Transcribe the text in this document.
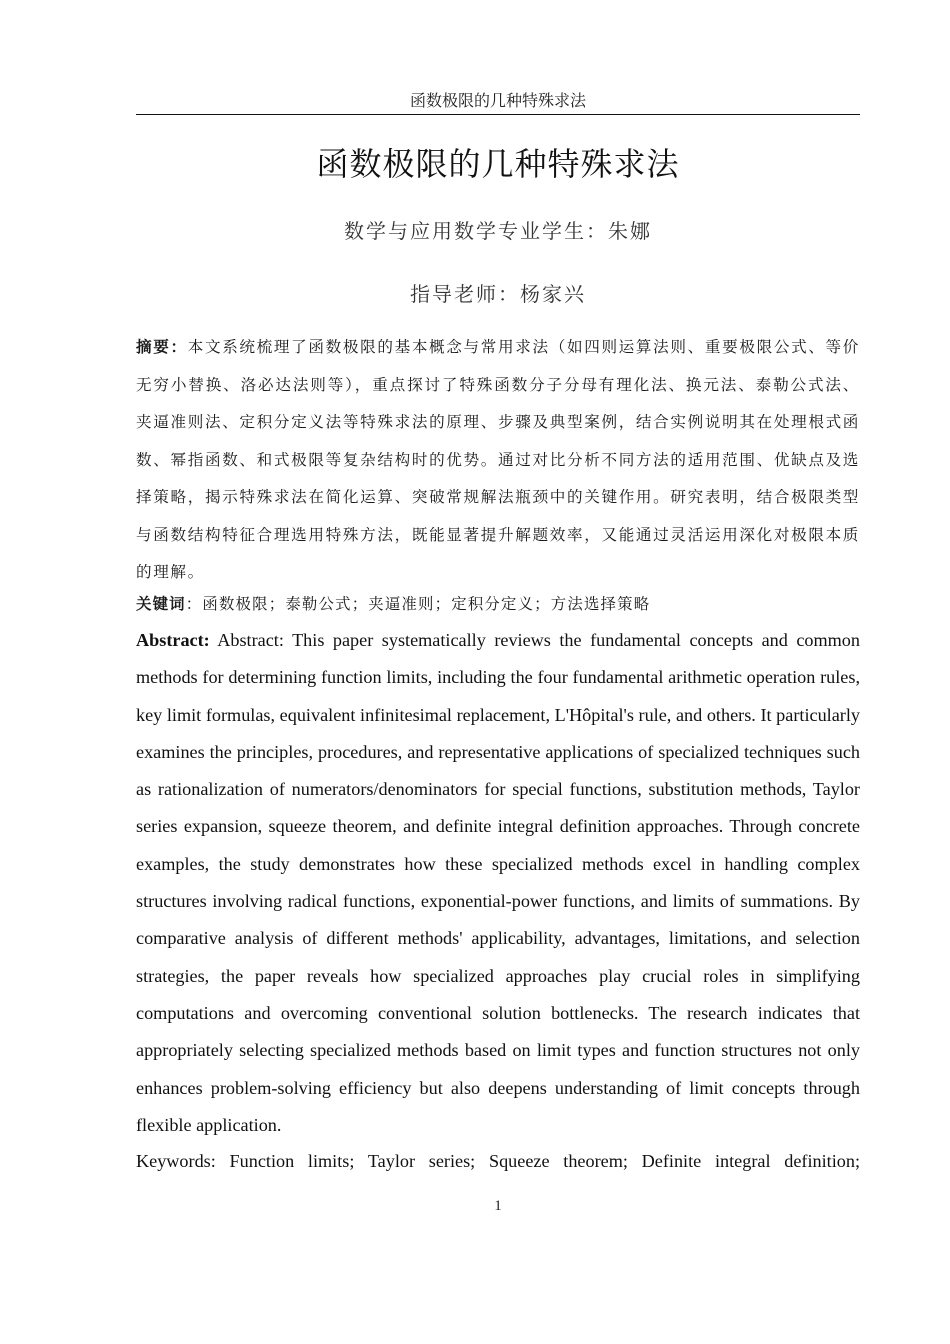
函数极限的几种特殊求法
函数极限的几种特殊求法
数学与应用数学专业学生：朱娜
指导老师：杨家兴
摘要：本文系统梳理了函数极限的基本概念与常用求法（如四则运算法则、重要极限公式、等价无穷小替换、洛必达法则等），重点探讨了特殊函数分子分母有理化法、换元法、泰勒公式法、夹逼准则法、定积分定义法等特殊求法的原理、步骤及典型案例，结合实例说明其在处理根式函数、幂指函数、和式极限等复杂结构时的优势。通过对比分析不同方法的适用范围、优缺点及选择策略，揭示特殊求法在简化运算、突破常规解法瓶颈中的关键作用。研究表明，结合极限类型与函数结构特征合理选用特殊方法，既能显著提升解题效率，又能通过灵活运用深化对极限本质的理解。
关键词：函数极限；泰勒公式；夹逼准则；定积分定义；方法选择策略
Abstract: Abstract: This paper systematically reviews the fundamental concepts and common methods for determining function limits, including the four fundamental arithmetic operation rules, key limit formulas, equivalent infinitesimal replacement, L'Hôpital's rule, and others. It particularly examines the principles, procedures, and representative applications of specialized techniques such as rationalization of numerators/denominators for special functions, substitution methods, Taylor series expansion, squeeze theorem, and definite integral definition approaches. Through concrete examples, the study demonstrates how these specialized methods excel in handling complex structures involving radical functions, exponential-power functions, and limits of summations. By comparative analysis of different methods' applicability, advantages, limitations, and selection strategies, the paper reveals how specialized approaches play crucial roles in simplifying computations and overcoming conventional solution bottlenecks. The research indicates that appropriately selecting specialized methods based on limit types and function structures not only enhances problem-solving efficiency but also deepens understanding of limit concepts through flexible application.
Keywords: Function limits; Taylor series; Squeeze theorem; Definite integral definition;
1
